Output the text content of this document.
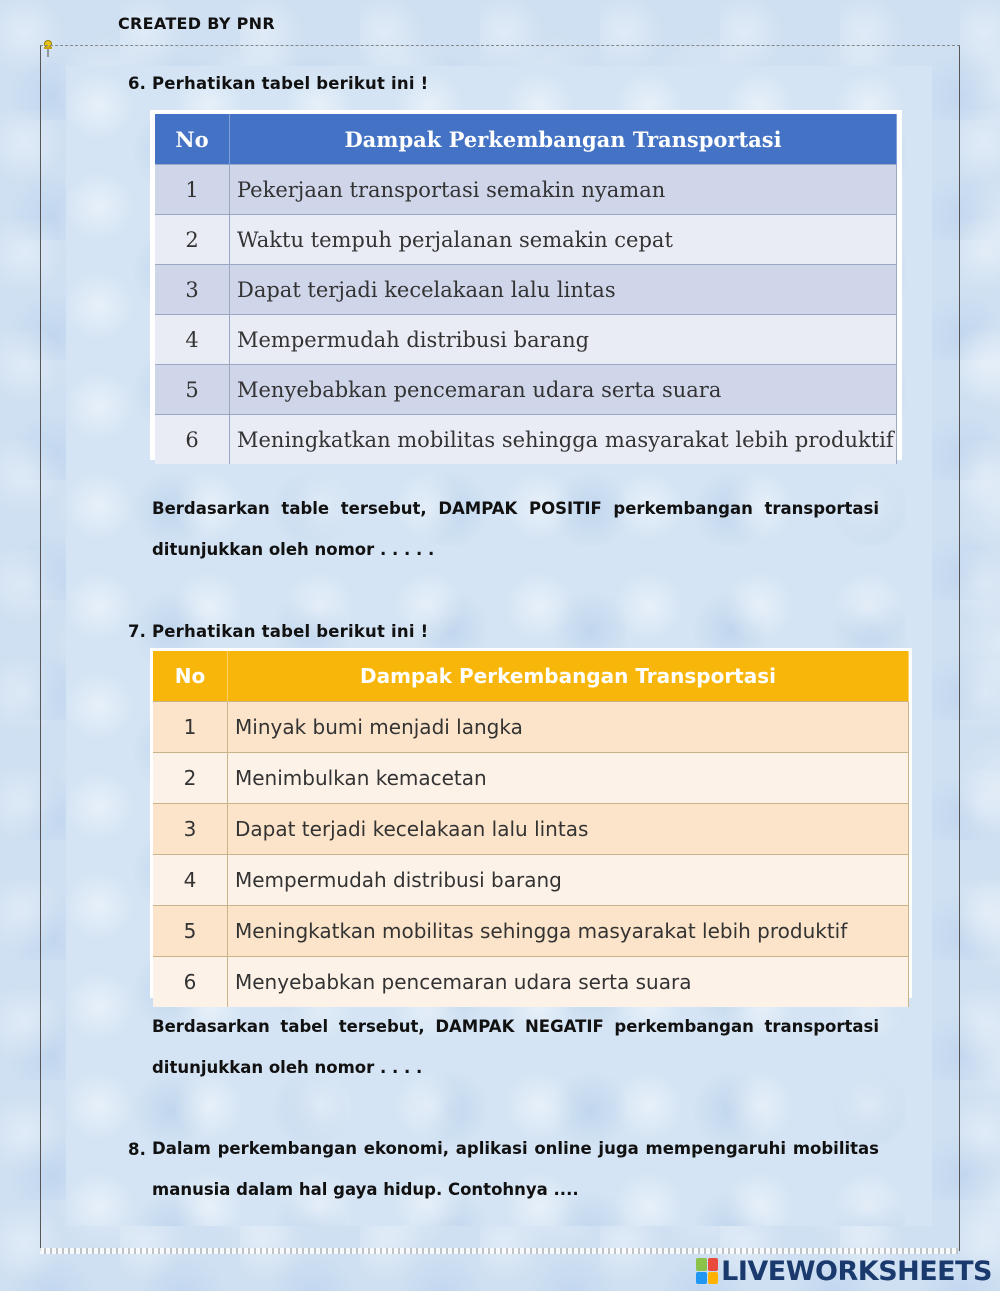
CREATED BY PNR
6. Perhatikan tabel berikut ini !
No	Dampak Perkembangan Transportasi
1	Pekerjaan transportasi semakin nyaman
2	Waktu tempuh perjalanan semakin cepat
3	Dapat terjadi kecelakaan lalu lintas
4	Mempermudah distribusi barang
5	Menyebabkan pencemaran udara serta suara
6	Meningkatkan mobilitas sehingga masyarakat lebih produktif
Berdasarkan table tersebut, DAMPAK POSITIF perkembangan transportasi ditunjukkan oleh nomor . . . . .
7. Perhatikan tabel berikut ini !
No	Dampak Perkembangan Transportasi
1	Minyak bumi menjadi langka
2	Menimbulkan kemacetan
3	Dapat terjadi kecelakaan lalu lintas
4	Mempermudah distribusi barang
5	Meningkatkan mobilitas sehingga masyarakat lebih produktif
6	Menyebabkan pencemaran udara serta suara
Berdasarkan tabel tersebut, DAMPAK NEGATIF perkembangan transportasi ditunjukkan oleh nomor . . . .
8. Dalam perkembangan ekonomi, aplikasi online juga mempengaruhi mobilitas manusia dalam hal gaya hidup. Contohnya ....
LIVEWORKSHEETS
